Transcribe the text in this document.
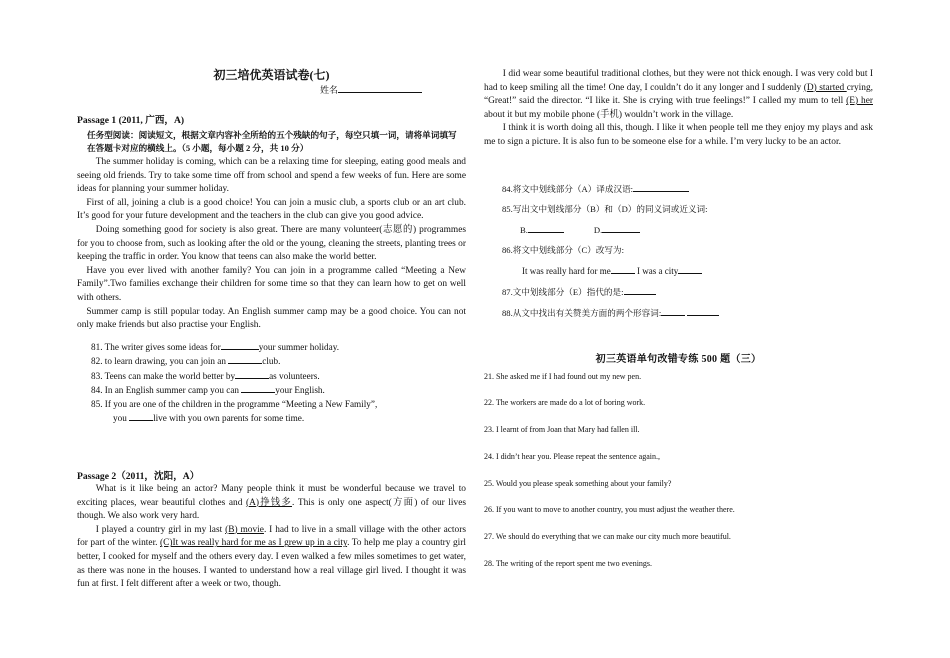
初三培优英语试卷(七)
姓名

Passage 1 (2011, 广西，A)

任务型阅读：阅读短文，根据文章内容补全所给的五个残缺的句子，每空只填一词，请将单词填写

在答题卡对应的横线上。（5 小题，每小题 2 分，共 10 分）

The summer holiday is coming, which can be a relaxing time for sleeping, eating good meals and seeing old friends. Try to take some time off from school and spend a few weeks of fun. Here are some ideas for planning your summer holiday.

First of all, joining a club is a good choice! You can join a music club, a sports club or an art club. It’s good for your future development and the teachers in the club can give you good advice.

Doing something good for society is also great. There are many volunteer(志愿的) programmes for you to choose from, such as looking after the old or the young, cleaning the streets, planting trees or keeping the traffic in order. You know that teens can also make the world better.

Have you ever lived with another family? You can join in a programme called “Meeting a New Family”.Two families exchange their children for some time so that they can learn how to get on well with others.

Summer camp is still popular today. An English summer camp may be a good choice. You can not only make friends but also practise your English.

81. The writer gives some ideas for	your summer holiday.

82. to learn drawing, you can join an	club.

83. Teens can make the world better by	as volunteers.

84. In an English summer camp you can	your English.

85. If you are one of the children in the programme “Meeting a New Family”,

you	live with you own parents for some time.

Passage 2（2011，沈阳，A）

What is it like being an actor? Many people think it must be wonderful because we travel to exciting places, wear beautiful clothes and (A)挣钱多. This is only one aspect(方面) of our lives though. We also work very hard.

I played a country girl in my last (B) movie. I had to live in a small village with the other actors for part of the winter. (C)It was really hard for me as I grew up in a city. To help me play a country girl better, I cooked for myself and the others every day. I even walked a few miles sometimes to get water, as there was none in the houses. I wanted to understand how a real village girl lived. I thought it was fun at first. I felt different after a week or two, though.

I did wear some beautiful traditional clothes, but they were not thick enough. I was very cold but I had to keep smiling all the time! One day, I couldn’t do it any longer and I suddenly (D) started crying, “Great!” said the director. “I like it. She is crying with true feelings!” I called my mum to tell (E) her about it but my mobile phone (手机) wouldn’t work in the village.

I think it is worth doing all this, though. I like it when people tell me they enjoy my plays and ask me to sign a picture. It is also fun to be someone else for a while. I’m very lucky to be an actor.

84.将文中划线部分（A）译成汉语:

85.写出文中划线部分（B）和（D）的同义词或近义词:

B.	D.

86.将文中划线部分（C）改写为:

It was really hard for me	I was a city

87.文中划线部分（E）指代的是:

88.从文中找出有关赞美方面的两个形容词:

初三英语单句改错专练 500 题（三）

21. She asked me if I had found out my new pen.

22. The workers are made do a lot of boring work.

23. I learnt of from Joan that Mary had fallen ill.

24. I didn’t hear you. Please repeat the sentence again.,

25. Would you please speak something about your family?

26. If you want to move to another country, you must adjust the weather there.

27. We should do everything that we can make our city much more beautiful.

28. The writing of the report spent me two evenings.
